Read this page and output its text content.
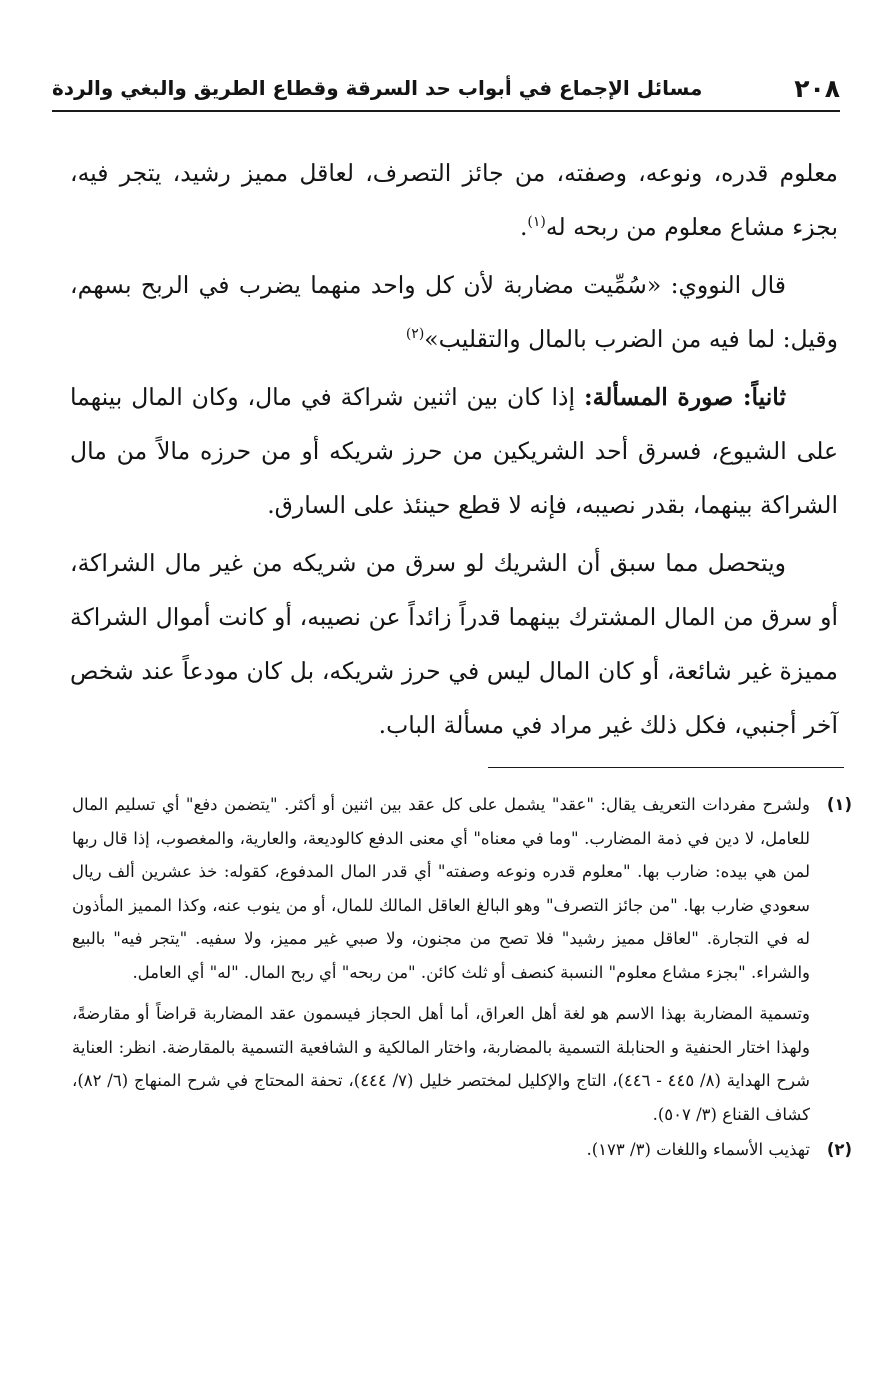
٢٠٨
مسائل الإجماع في أبواب حد السرقة وقطاع الطريق والبغي والردة

معلوم قدره، ونوعه، وصفته، من جائز التصرف، لعاقل مميز رشيد، يتجر فيه، بجزء مشاع معلوم من ربحه له$^{(١)}$.

قال النووي: «سُمِّيت مضاربة لأن كل واحد منهما يضرب في الربح بسهم، وقيل: لما فيه من الضرب بالمال والتقليب»$^{(٢)}$

ثانياً: صورة المسألة: إذا كان بين اثنين شراكة في مال، وكان المال بينهما على الشيوع، فسرق أحد الشريكين من حرز شريكه أو من حرزه مالاً من مال الشراكة بينهما، بقدر نصيبه، فإنه لا قطع حينئذ على السارق.

ويتحصل مما سبق أن الشريك لو سرق من شريكه من غير مال الشراكة، أو سرق من المال المشترك بينهما قدراً زائداً عن نصيبه، أو كانت أموال الشراكة مميزة غير شائعة، أو كان المال ليس في حرز شريكه، بل كان مودعاً عند شخص آخر أجنبي، فكل ذلك غير مراد في مسألة الباب.

(١)

ولشرح مفردات التعريف يقال: "عقد" يشمل على كل عقد بين اثنين أو أكثر. "يتضمن دفع" أي تسليم المال للعامل، لا دين في ذمة المضارب. "وما في معناه" أي معنى الدفع كالوديعة، والعارية، والمغصوب، إذا قال ربها لمن هي بيده: ضارب بها. "معلوم قدره ونوعه وصفته" أي قدر المال المدفوع، كقوله: خذ عشرين ألف ريال سعودي ضارب بها. "من جائز التصرف" وهو البالغ العاقل المالك للمال، أو من ينوب عنه، وكذا المميز المأذون له في التجارة. "لعاقل مميز رشيد" فلا تصح من مجنون، ولا صبي غير مميز، ولا سفيه. "يتجر فيه" بالبيع والشراء. "بجزء مشاع معلوم" النسبة كنصف أو ثلث كائن. "من ربحه" أي ربح المال. "له" أي العامل.

وتسمية المضاربة بهذا الاسم هو لغة أهل العراق، أما أهل الحجاز فيسمون عقد المضاربة قراضاً أو مقارضةً، ولهذا اختار الحنفية و الحنابلة التسمية بالمضاربة، واختار المالكية و الشافعية التسمية بالمقارضة. انظر: العناية شرح الهداية (٨/ ٤٤٥ - ٤٤٦)، التاج والإكليل لمختصر خليل (٧/ ٤٤٤)، تحفة المحتاج في شرح المنهاج (٦/ ٨٢)، كشاف القناع (٣/ ٥٠٧).

(٢)

تهذيب الأسماء واللغات (٣/ ١٧٣).
